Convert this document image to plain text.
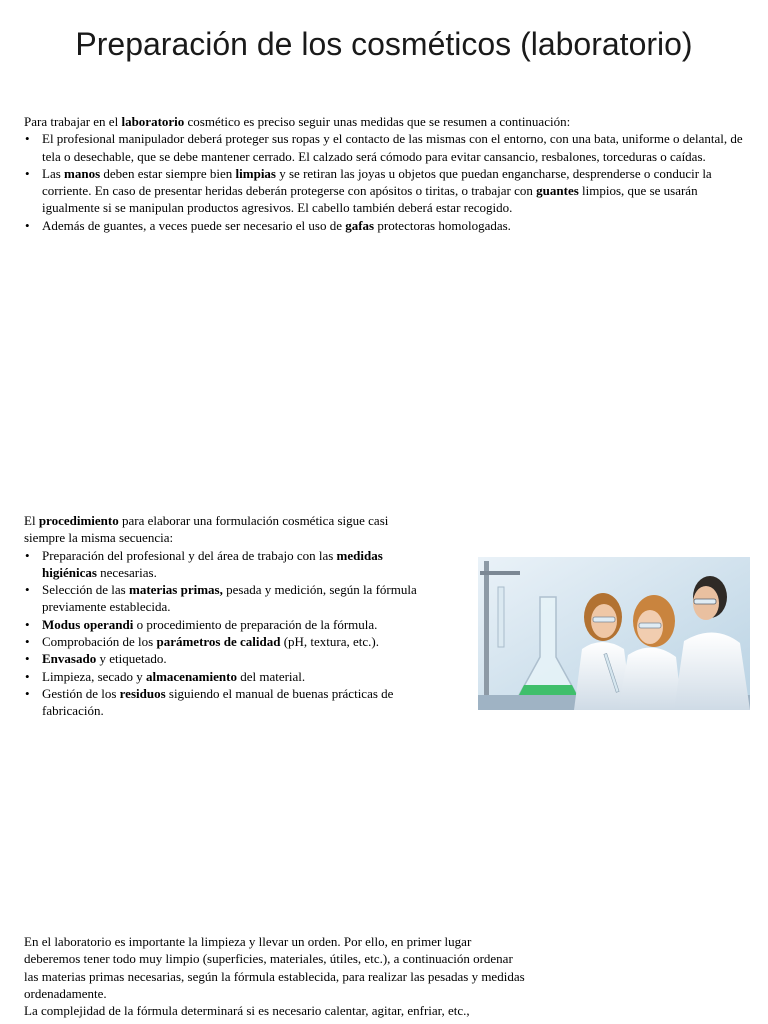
Preparación de los cosméticos (laboratorio)

Para trabajar en el laboratorio cosmético es preciso seguir unas medidas que se resumen a continuación:

• El profesional manipulador deberá proteger sus ropas y el contacto de las mismas con el entorno, con una bata, uniforme o delantal, de tela o desechable, que se debe mantener cerrado. El calzado será cómodo para evitar cansancio, resbalones, torceduras o caídas.
• Las manos deben estar siempre bien limpias y se retiran las joyas u objetos que puedan engancharse, desprenderse o conducir la corriente. En caso de presentar heridas deberán protegerse con apósitos o tiritas, o trabajar con guantes limpios, que se usarán igualmente si se manipulan productos agresivos. El cabello también deberá estar recogido.
• Además de guantes, a veces puede ser necesario el uso de gafas protectoras homologadas.

El procedimiento para elaborar una formulación cosmética sigue casi siempre la misma secuencia:

• Preparación del profesional y del área de trabajo con las medidas higiénicas necesarias.
• Selección de las materias primas, pesada y medición, según la fórmula previamente establecida.
• Modus operandi o procedimiento de preparación de la fórmula.
• Comprobación de los parámetros de calidad (pH, textura, etc.).
• Envasado y etiquetado.
• Limpieza, secado y almacenamiento del material.
• Gestión de los residuos siguiendo el manual de buenas prácticas de fabricación.

En el laboratorio es importante la limpieza y llevar un orden. Por ello, en primer lugar deberemos tener todo muy limpio (superficies, materiales, útiles, etc.), a continuación ordenar las materias primas necesarias, según la fórmula establecida, para realizar las pesadas y medidas ordenadamente.

La complejidad de la fórmula determinará si es necesario calentar, agitar, enfriar, etc.,
